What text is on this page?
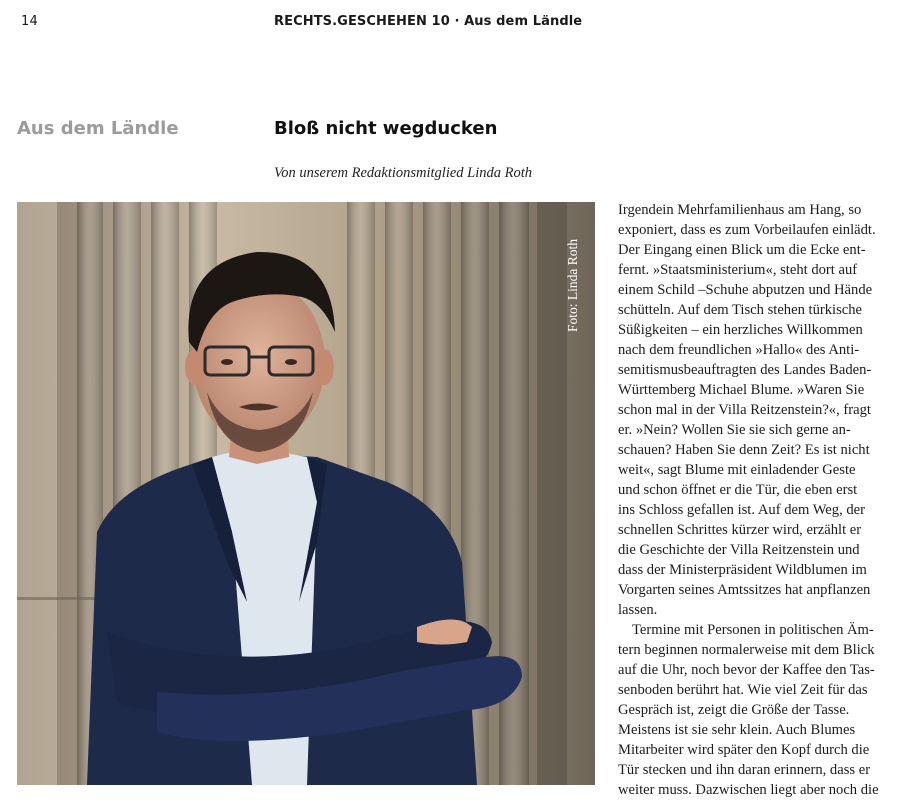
14	RECHTS.GESCHEHEN 10 · Aus dem Ländle
Aus dem Ländle	Bloß nicht wegducken
Von unserem Redaktionsmitglied Linda Roth
Foto: Linda Roth
Irgendein Mehrfamilienhaus am Hang, so
exponiert, dass es zum Vorbeilaufen einlädt.
Der Eingang einen Blick um die Ecke ent-
fernt. »Staatsministerium«, steht dort auf
einem Schild –Schuhe abputzen und Hände
schütteln. Auf dem Tisch stehen türkische
Süßigkeiten – ein herzliches Willkommen
nach dem freundlichen »Hallo« des Anti-
semitismusbeauftragten des Landes Baden-
Württemberg Michael Blume. »Waren Sie
schon mal in der Villa Reitzenstein?«, fragt
er. »Nein? Wollen Sie sie sich gerne an-
schauen? Haben Sie denn Zeit? Es ist nicht
weit«, sagt Blume mit einladender Geste
und schon öffnet er die Tür, die eben erst
ins Schloss gefallen ist. Auf dem Weg, der
schnellen Schrittes kürzer wird, erzählt er
die Geschichte der Villa Reitzenstein und
dass der Ministerpräsident Wildblumen im
Vorgarten seines Amtssitzes hat anpflanzen
lassen.
Termine mit Personen in politischen Äm-
tern beginnen normalerweise mit dem Blick
auf die Uhr, noch bevor der Kaffee den Tas-
senboden berührt hat. Wie viel Zeit für das
Gespräch ist, zeigt die Größe der Tasse.
Meistens ist sie sehr klein. Auch Blumes
Mitarbeiter wird später den Kopf durch die
Tür stecken und ihn daran erinnern, dass er
weiter muss. Dazwischen liegt aber noch die
